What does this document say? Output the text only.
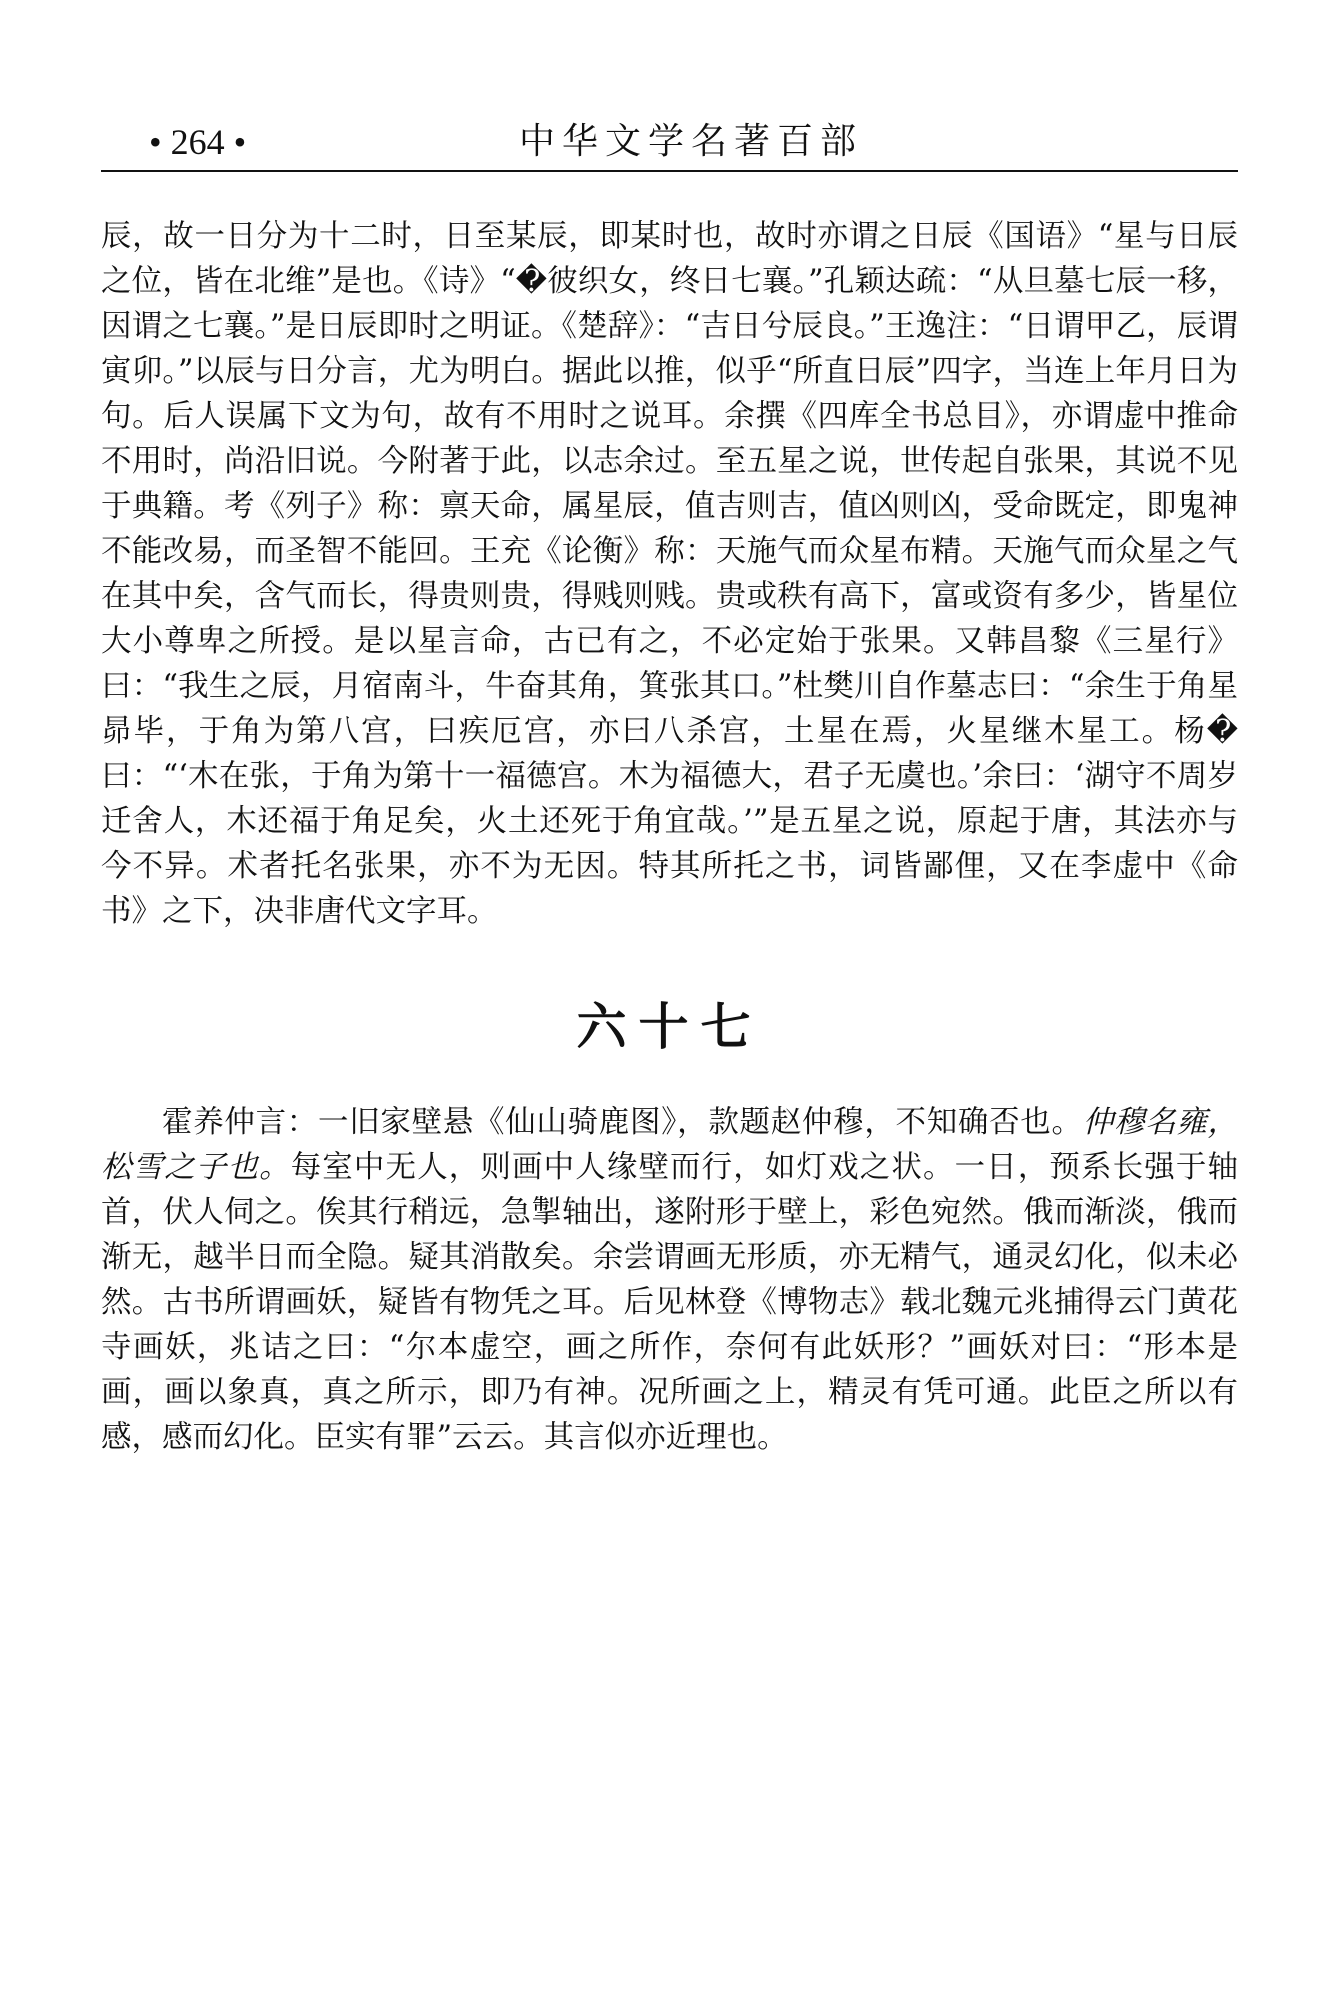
• 264 •	中华文学名著百部

辰，故一日分为十二时，日至某辰，即某时也，故时亦谓之日辰《国语》“星与日辰之位，皆在北维”是也。《诗》“�彼织女，终日七襄。”孔颖达疏：“从旦墓七辰一移，因谓之七襄。”是日辰即时之明证。《楚辞》：“吉日兮辰良。”王逸注：“日谓甲乙，辰谓寅卯。”以辰与日分言，尤为明白。据此以推，似乎“所直日辰”四字，当连上年月日为句。后人误属下文为句，故有不用时之说耳。余撰《四库全书总目》，亦谓虚中推命不用时，尚沿旧说。今附著于此，以志余过。至五星之说，世传起自张果，其说不见于典籍。考《列子》称：禀天命，属星辰，值吉则吉，值凶则凶，受命既定，即鬼神不能改易，而圣智不能回。王充《论衡》称：天施气而众星布精。天施气而众星之气在其中矣，含气而长，得贵则贵，得贱则贱。贵或秩有高下，富或资有多少，皆星位大小尊卑之所授。是以星言命，古已有之，不必定始于张果。又韩昌黎《三星行》曰：“我生之辰，月宿南斗，牛奋其角，箕张其口。”杜樊川自作墓志曰：“余生于角星昴毕，于角为第八宫，曰疾厄宫，亦曰八杀宫，土星在焉，火星继木星工。杨�曰：“‘木在张，于角为第十一福德宫。木为福德大，君子无虞也。’余曰：‘湖守不周岁迁舍人，木还福于角足矣，火土还死于角宜哉。’”是五星之说，原起于唐，其法亦与今不异。术者托名张果，亦不为无因。特其所托之书，词皆鄙俚，又在李虚中《命书》之下，决非唐代文字耳。

六十七

霍养仲言：一旧家壁悬《仙山骑鹿图》，款题赵仲穆，不知确否也。仲穆名雍，松雪之子也。每室中无人，则画中人缘壁而行，如灯戏之状。一日，预系长强于轴首，伏人伺之。俟其行稍远，急掣轴出，遂附形于壁上，彩色宛然。俄而渐淡，俄而渐无，越半日而全隐。疑其消散矣。余尝谓画无形质，亦无精气，通灵幻化，似未必然。古书所谓画妖，疑皆有物凭之耳。后见林登《博物志》载北魏元兆捕得云门黄花寺画妖，兆诘之曰：“尔本虚空，画之所作，奈何有此妖形？”画妖对曰：“形本是画，画以象真，真之所示，即乃有神。况所画之上，精灵有凭可通。此臣之所以有感，感而幻化。臣实有罪”云云。其言似亦近理也。
